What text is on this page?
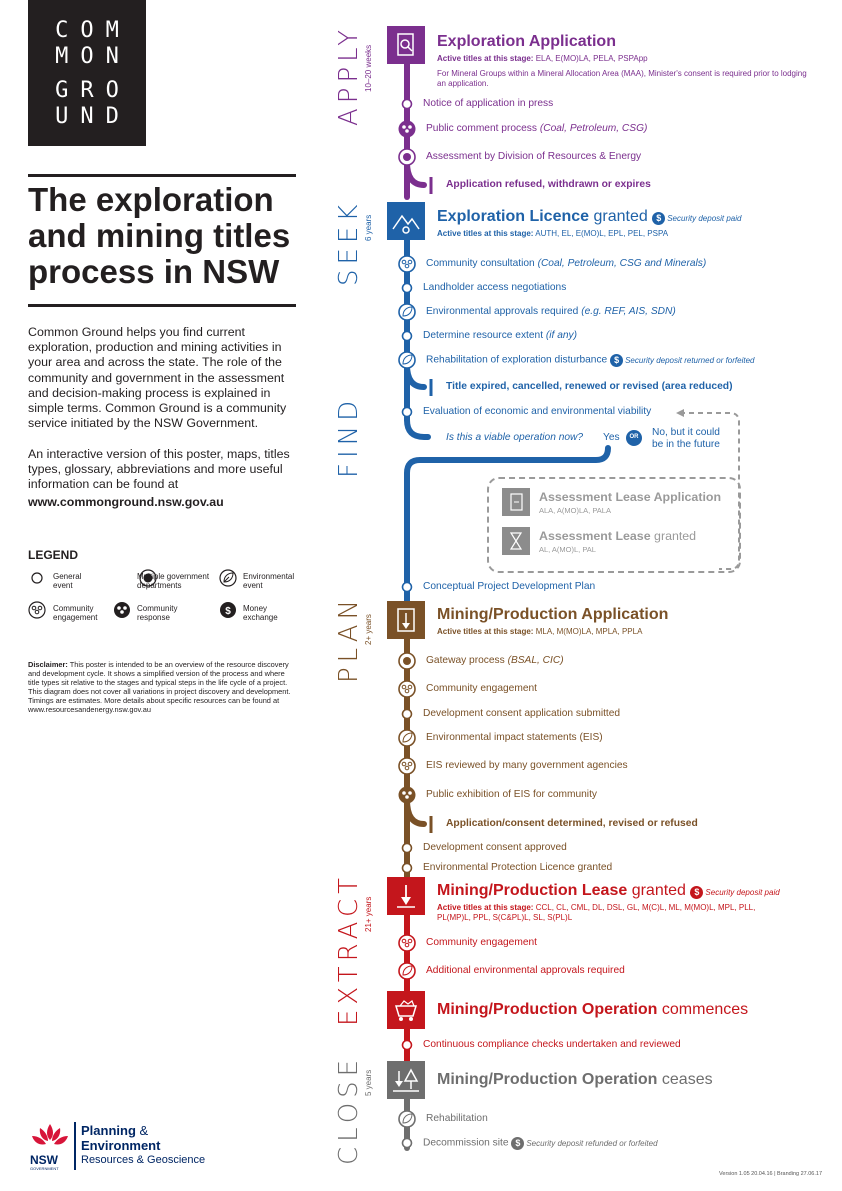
COM
MON
GRO
UND
The exploration
and mining titles
process in NSW
Common Ground helps you find current exploration, production and mining activities in your area and across the state. The role of the community and government in the assessment and decision-making process is explained in simple terms. Common Ground is a community service initiated by the NSW Government.
An interactive version of this poster, maps, titles types, glossary, abbreviations and more useful information can be found at
www.commonground.nsw.gov.au
LEGEND
$
General
event
Multiple government
departments
Environmental
event
Community
engagement
Community
response
Money
exchange
Disclaimer: This poster is intended to be an overview of the resource discovery and development cycle. It shows a simplified version of the process and where title types sit relative to the stages and typical steps in the life cycle of a project. This diagram does not cover all variations in project discovery and development. Timings are estimates. More details about specific resources can be found at www.resourcesandenergy.nsw.gov.au
NSW
GOVERNMENT
Planning &
Environment
Resources & Geoscience
Version 1.05 20.04.16 | Branding 27.06.17
APPLY 10–20 weeks
SEEK 6 years
FIND
PLAN 2+ years
EXTRACT 21+ years
CLOSE 5 years
Exploration Application
Active titles at this stage: ELA, E(MO)LA, PELA, PSPApp
For Mineral Groups within a Mineral Allocation Area (MAA), Minister's consent is required prior to lodging an application.
Notice of application in press
Public comment process (Coal, Petroleum, CSG)
Assessment by Division of Resources & Energy
Application refused, withdrawn or expires
Exploration Licence granted $ Security deposit paid
Active titles at this stage: AUTH, EL, E(MO)L, EPL, PEL, PSPA
Community consultation (Coal, Petroleum, CSG and Minerals)
Landholder access negotiations
Environmental approvals required (e.g. REF, AIS, SDN)
Determine resource extent (if any)
Rehabilitation of exploration disturbance $ Security deposit returned or forfeited
Title expired, cancelled, renewed or revised (area reduced)
Evaluation of economic and environmental viability
Is this a viable operation now? Yes	OR No, but it could
be in the future
Assessment Lease Application
ALA, A(MO)LA, PALA
Assessment Lease granted
AL, A(MO)L, PAL
Conceptual Project Development Plan
Mining/Production Application
Active titles at this stage: MLA, M(MO)LA, MPLA, PPLA
Gateway process (BSAL, CIC)
Community engagement
Development consent application submitted
Environmental impact statements (EIS)
EIS reviewed by many government agencies
Public exhibition of EIS for community
Application/consent determined, revised or refused
Development consent approved
Environmental Protection Licence granted
Mining/Production Lease granted $ Security deposit paid
Active titles at this stage: CCL, CL, CML, DL, DSL, GL, M(C)L, ML, M(MO)L, MPL, PLL,
PL(MP)L, PPL, S(C&PL)L, SL, S(PL)L
Community engagement
Additional environmental approvals required
Mining/Production Operation commences
Continuous compliance checks undertaken and reviewed
Mining/Production Operation ceases
Rehabilitation
Decommission site $ Security deposit refunded or forfeited
